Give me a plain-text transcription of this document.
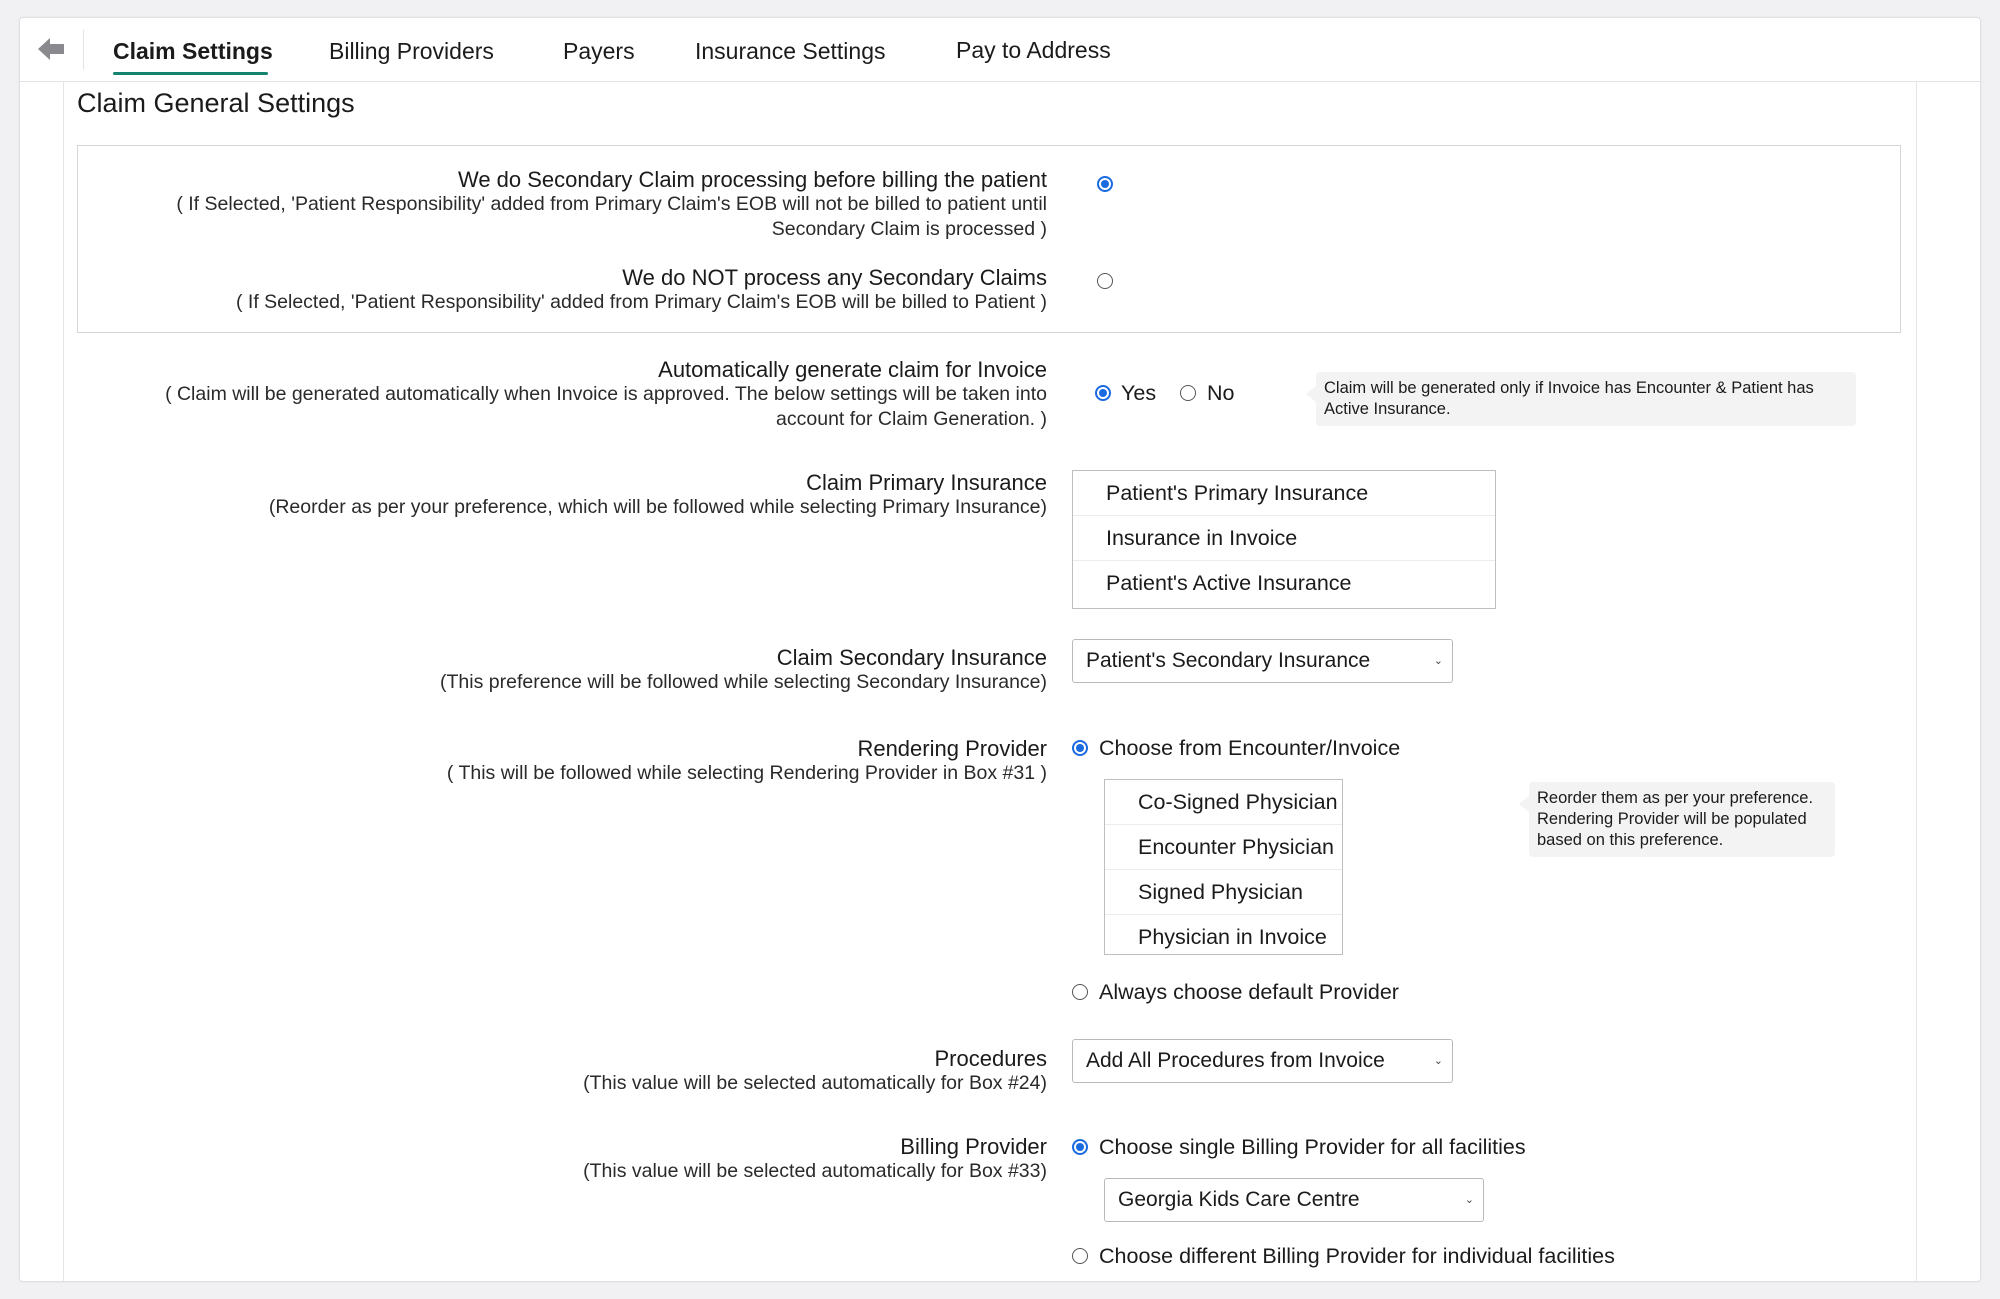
Claim Settings Billing Providers	Payers	Insurance Settings	Pay to Address
Claim General Settings
We do Secondary Claim processing before billing the patient
( If Selected, 'Patient Responsibility' added from Primary Claim's EOB will not be billed to patient until
Secondary Claim is processed )
We do NOT process any Secondary Claims
( If Selected, 'Patient Responsibility' added from Primary Claim's EOB will be billed to Patient )
Automatically generate claim for Invoice
( Claim will be generated automatically when Invoice is approved. The below settings will be taken into
account for Claim Generation. )
Yes No	Claim will be generated only if Invoice has Encounter & Patient has
Active Insurance.
Claim Primary Insurance
(Reorder as per your preference, which will be followed while selecting Primary Insurance)
Patient's Primary Insurance
Insurance in Invoice
Patient's Active Insurance
Claim Secondary Insurance
(This preference will be followed while selecting Secondary Insurance)
Patient's Secondary Insurance	⌄
Rendering Provider
( This will be followed while selecting Rendering Provider in Box #31 )
Choose from Encounter/Invoice
Co-Signed Physician
Encounter Physician
Signed Physician
Physician in Invoice
Reorder them as per your preference.
Rendering Provider will be populated
based on this preference.
Always choose default Provider
Procedures
(This value will be selected automatically for Box #24)
Add All Procedures from Invoice	⌄
Billing Provider
(This value will be selected automatically for Box #33)
Choose single Billing Provider for all facilities
Georgia Kids Care Centre	⌄
Choose different Billing Provider for individual facilities
